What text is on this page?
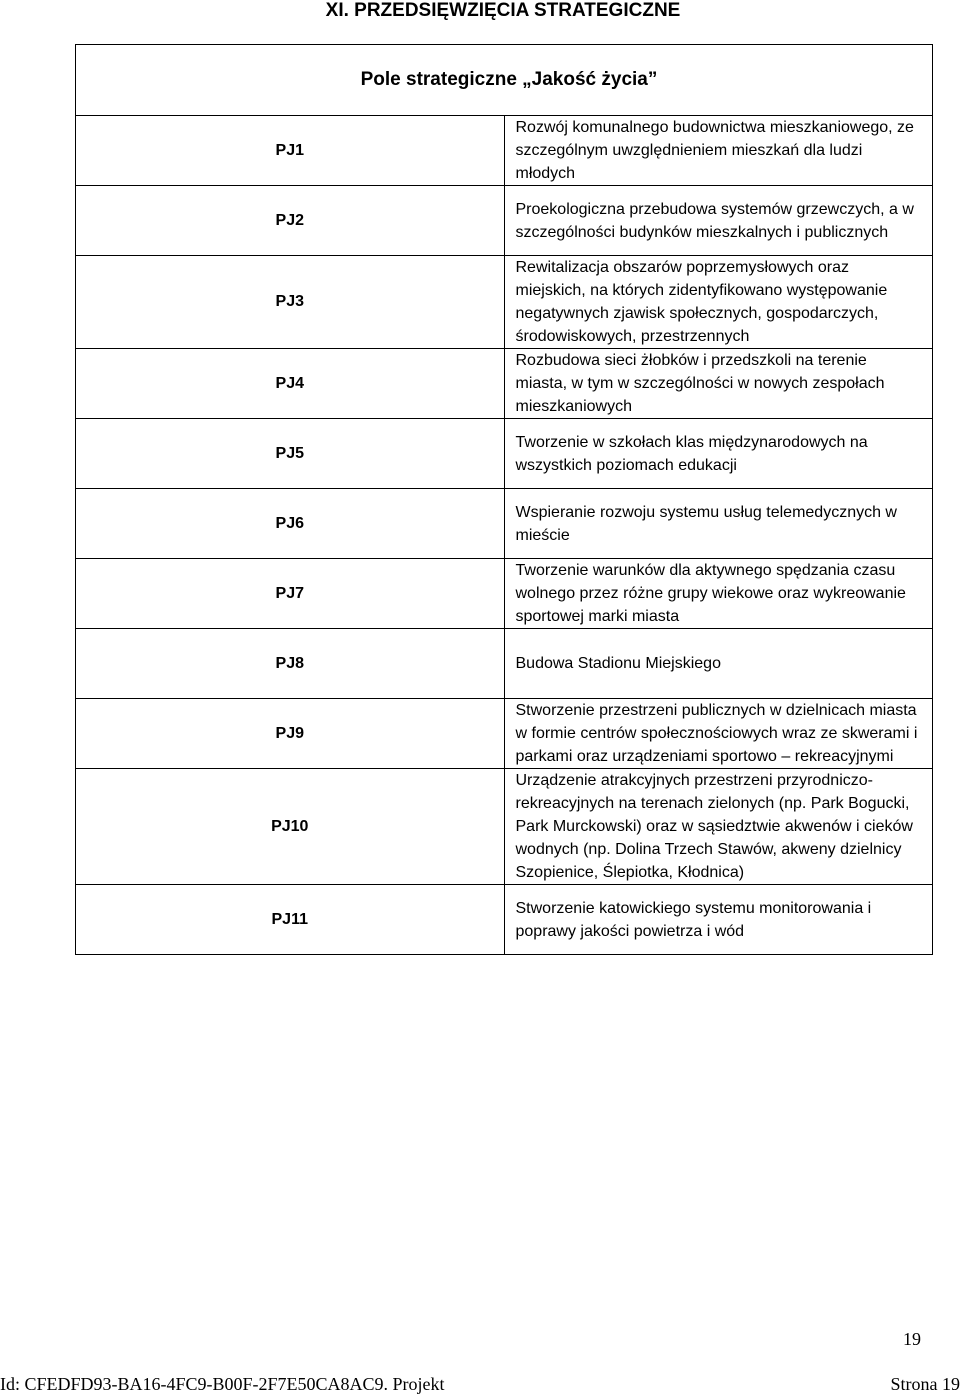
XI. PRZEDSIĘWZIĘCIA STRATEGICZNE
Pole strategiczne „Jakość życia”	
PJ1	Rozwój komunalnego budownictwa mieszkaniowego, ze szczególnym uwzględnieniem mieszkań dla ludzi młodych
PJ2	Proekologiczna przebudowa systemów grzewczych, a w szczególności budynków mieszkalnych i publicznych
PJ3	Rewitalizacja obszarów poprzemysłowych oraz miejskich, na których zidentyfikowano występowanie negatywnych zjawisk społecznych, gospodarczych, środowiskowych, przestrzennych
PJ4	Rozbudowa sieci żłobków i przedszkoli na terenie miasta, w tym w szczególności w nowych zespołach mieszkaniowych
PJ5	Tworzenie w szkołach klas międzynarodowych na wszystkich poziomach edukacji
PJ6	Wspieranie rozwoju systemu usług telemedycznych w mieście
PJ7	Tworzenie warunków dla aktywnego spędzania czasu wolnego przez różne grupy wiekowe oraz wykreowanie sportowej marki miasta
PJ8	Budowa Stadionu Miejskiego
PJ9	Stworzenie przestrzeni publicznych w dzielnicach miasta w formie centrów społecznościowych wraz ze skwerami i parkami oraz urządzeniami sportowo – rekreacyjnymi
PJ10	Urządzenie atrakcyjnych przestrzeni przyrodniczo-rekreacyjnych na terenach zielonych (np. Park Bogucki, Park Murckowski) oraz w sąsiedztwie akwenów i cieków wodnych (np. Dolina Trzech Stawów, akweny dzielnicy Szopienice, Ślepiotka, Kłodnica)
PJ11	Stworzenie katowickiego systemu monitorowania i poprawy jakości powietrza i wód
19
Id: CFEDFD93-BA16-4FC9-B00F-2F7E50CA8AC9. Projekt	Strona 19
